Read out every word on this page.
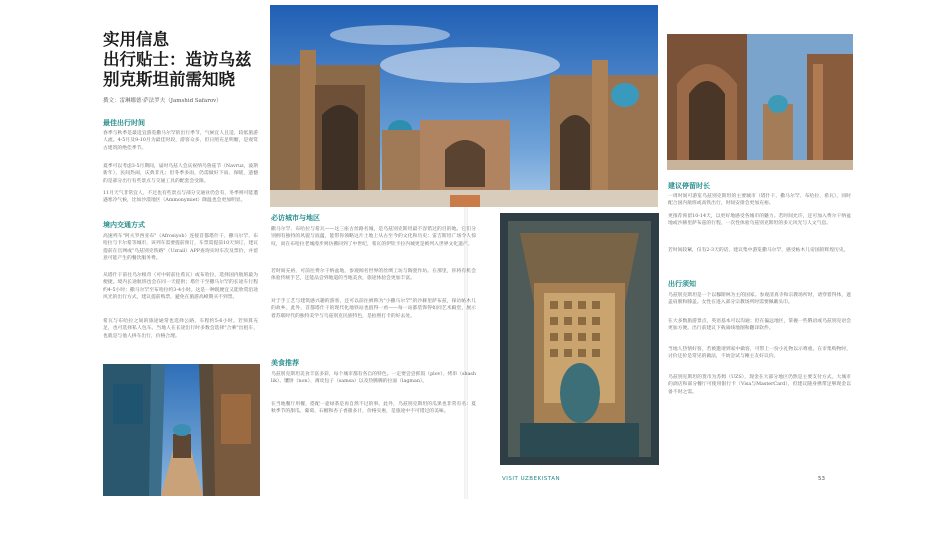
实用信息
出行贴士：造访乌兹
别克斯坦前需知晓
撰文：雷琳娜德·萨法罗夫（Jamshid Safarov）
最佳出行时间
春季与秋季是最适宜游览撒马尔罕的出行季节，气候宜人且适，较低旅游人流。4-5月及9-10月为最佳时段，游客众多，但日照充足明媚，是观赏古建筑的绝佳季节。
夏季可以考虑3-5月期间，届时乌兹人会庆祝纳乌鲁兹节（Navruz，波斯新年），民间热闹，庆典非凡；但冬季多雨，仍需做好下雨、保暖，遗憾的是部分出行有些景点与交通工具的配套会受限。
11月天气非常宜人，不过也有些景点与部分交通业仍会有，冬季则可能遭遇寒冷气候，比如沙漠地区（Ammonymiet）降温也会更加明显。
境内交通方式
高速列车"阿夫罗西亚布"（Afrosiyob）连接首都塔什干、撒马尔罕、布哈拉与卡尔希等城市，该列车需要提前预订，车票需提前10天预订，建议提前在官网或"乌兹别克铁路"（Uzrail）APP查询实时车次及票价，并留意可能产生的餐饮服务费。
从塔什干前往乌尔根奇（可中转前往希瓦）或布哈拉，选择国内航班最为便捷。境内长途航班也会在同一天提供；塔什干至撒马尔罕的长途车行程约4-5小时；撒马尔罕至布哈拉约3-4小时。这是一种既便宜又能欣赏沿途风光的出行方式，建议提前购票，避免在旅游高峰期买不到票。
希瓦与布哈拉之间的旅途通常也选择公路，车程约5-6小时。若预算充足，也可选择私人包车。当地人在长途出行时多数会选择"合乘"出租车，也就是与他人拼车出行，价格合理。
必访城市与地区
撒马尔罕、布哈拉与希瓦——这三座古丝路名城，是乌兹别克斯坦最不容错过的目的地。它们分别拥有独特的风貌与底蕴，能带你领略这片土地上从古至今的文化和历史：雷吉斯坦广场令人惊叹，而在布哈拉老城漫步则仿佛回到了中世纪，希瓦的伊钦卡拉内城更是被列入世界文化遗产。
若时间充裕，可前往费尔干纳盆地，参观闻名世界的丝绸工坊与陶瓷作坊。在那里，你将有机会体验传统手艺，还能品尝到地道的当地美食，旅途体验会更加丰富。
对于手工艺与建筑感兴趣的游客，还可以前往被称为"小撒马尔罕"的沙赫里萨布兹，探访帖木儿的故乡。此外，首都塔什干的现代化地铁站也值得一看——每一站都装饰得如同艺术殿堂，展示着苏联时代的独特美学与乌兹别克民族特色，是拍照打卡的好去处。
美食推荐
乌兹别克斯坦美食丰富多彩，每个城市都有各自的特色。一定要尝尝抓饭（plov）、烤串（shashlik）、馕饼（non）、薄皮包子（samsa）以及热腾腾的拉面（lagman）。
在当地餐厅用餐，搭配一壶绿茶是再自然不过的事。此外，乌兹别克斯坦的瓜果也非常有名：夏秋季节的甜瓜、葡萄、石榴和杏子香甜多汁，价格实惠，是旅途中不可错过的美味。
建议停留时长
一周时间可游览乌兹别克斯坦的主要城市（塔什干、撒马尔罕、布哈拉、希瓦），同时配合国内航班或高铁出行，时间安排会更加充裕。
更推荐预留10-14天，以更好地感受各城市的魅力。若时间允许，还可加入费尔干纳盆地或沙赫里萨布兹的行程，一次性体验乌兹别克斯坦的多元风光与人文气息。
若时间较紧，仅有2-3天的话，建议集中游览撒马尔罕，感受帖木儿帝国的辉煌历史。
出行须知
乌兹别克斯坦是一个以穆斯林为主的国家。参观清真寺和宗教场所时，请穿着得体，遮盖肩膀和膝盖。女性在进入部分宗教场所时需要佩戴头巾。
在大多数旅游景点，英语基本可以沟通；但在偏远地区，掌握一些俄语或乌兹别克语会更加方便。出行前建议下载离线地图和翻译软件。
当地人热情好客，若被邀请到家中做客，可带上一份小礼物以示尊重。在市集购物时，讨价还价是常见的做法，不妨尝试与摊主友好议价。
乌兹别克斯坦的货币为苏姆（UZS），现金在大部分地区仍然是主要支付方式。大城市的酒店和部分餐厅可使用银行卡（Visa与MasterCard），但建议随身携带足够现金以备不时之需。
VISIT UZBEKISTAN	53
